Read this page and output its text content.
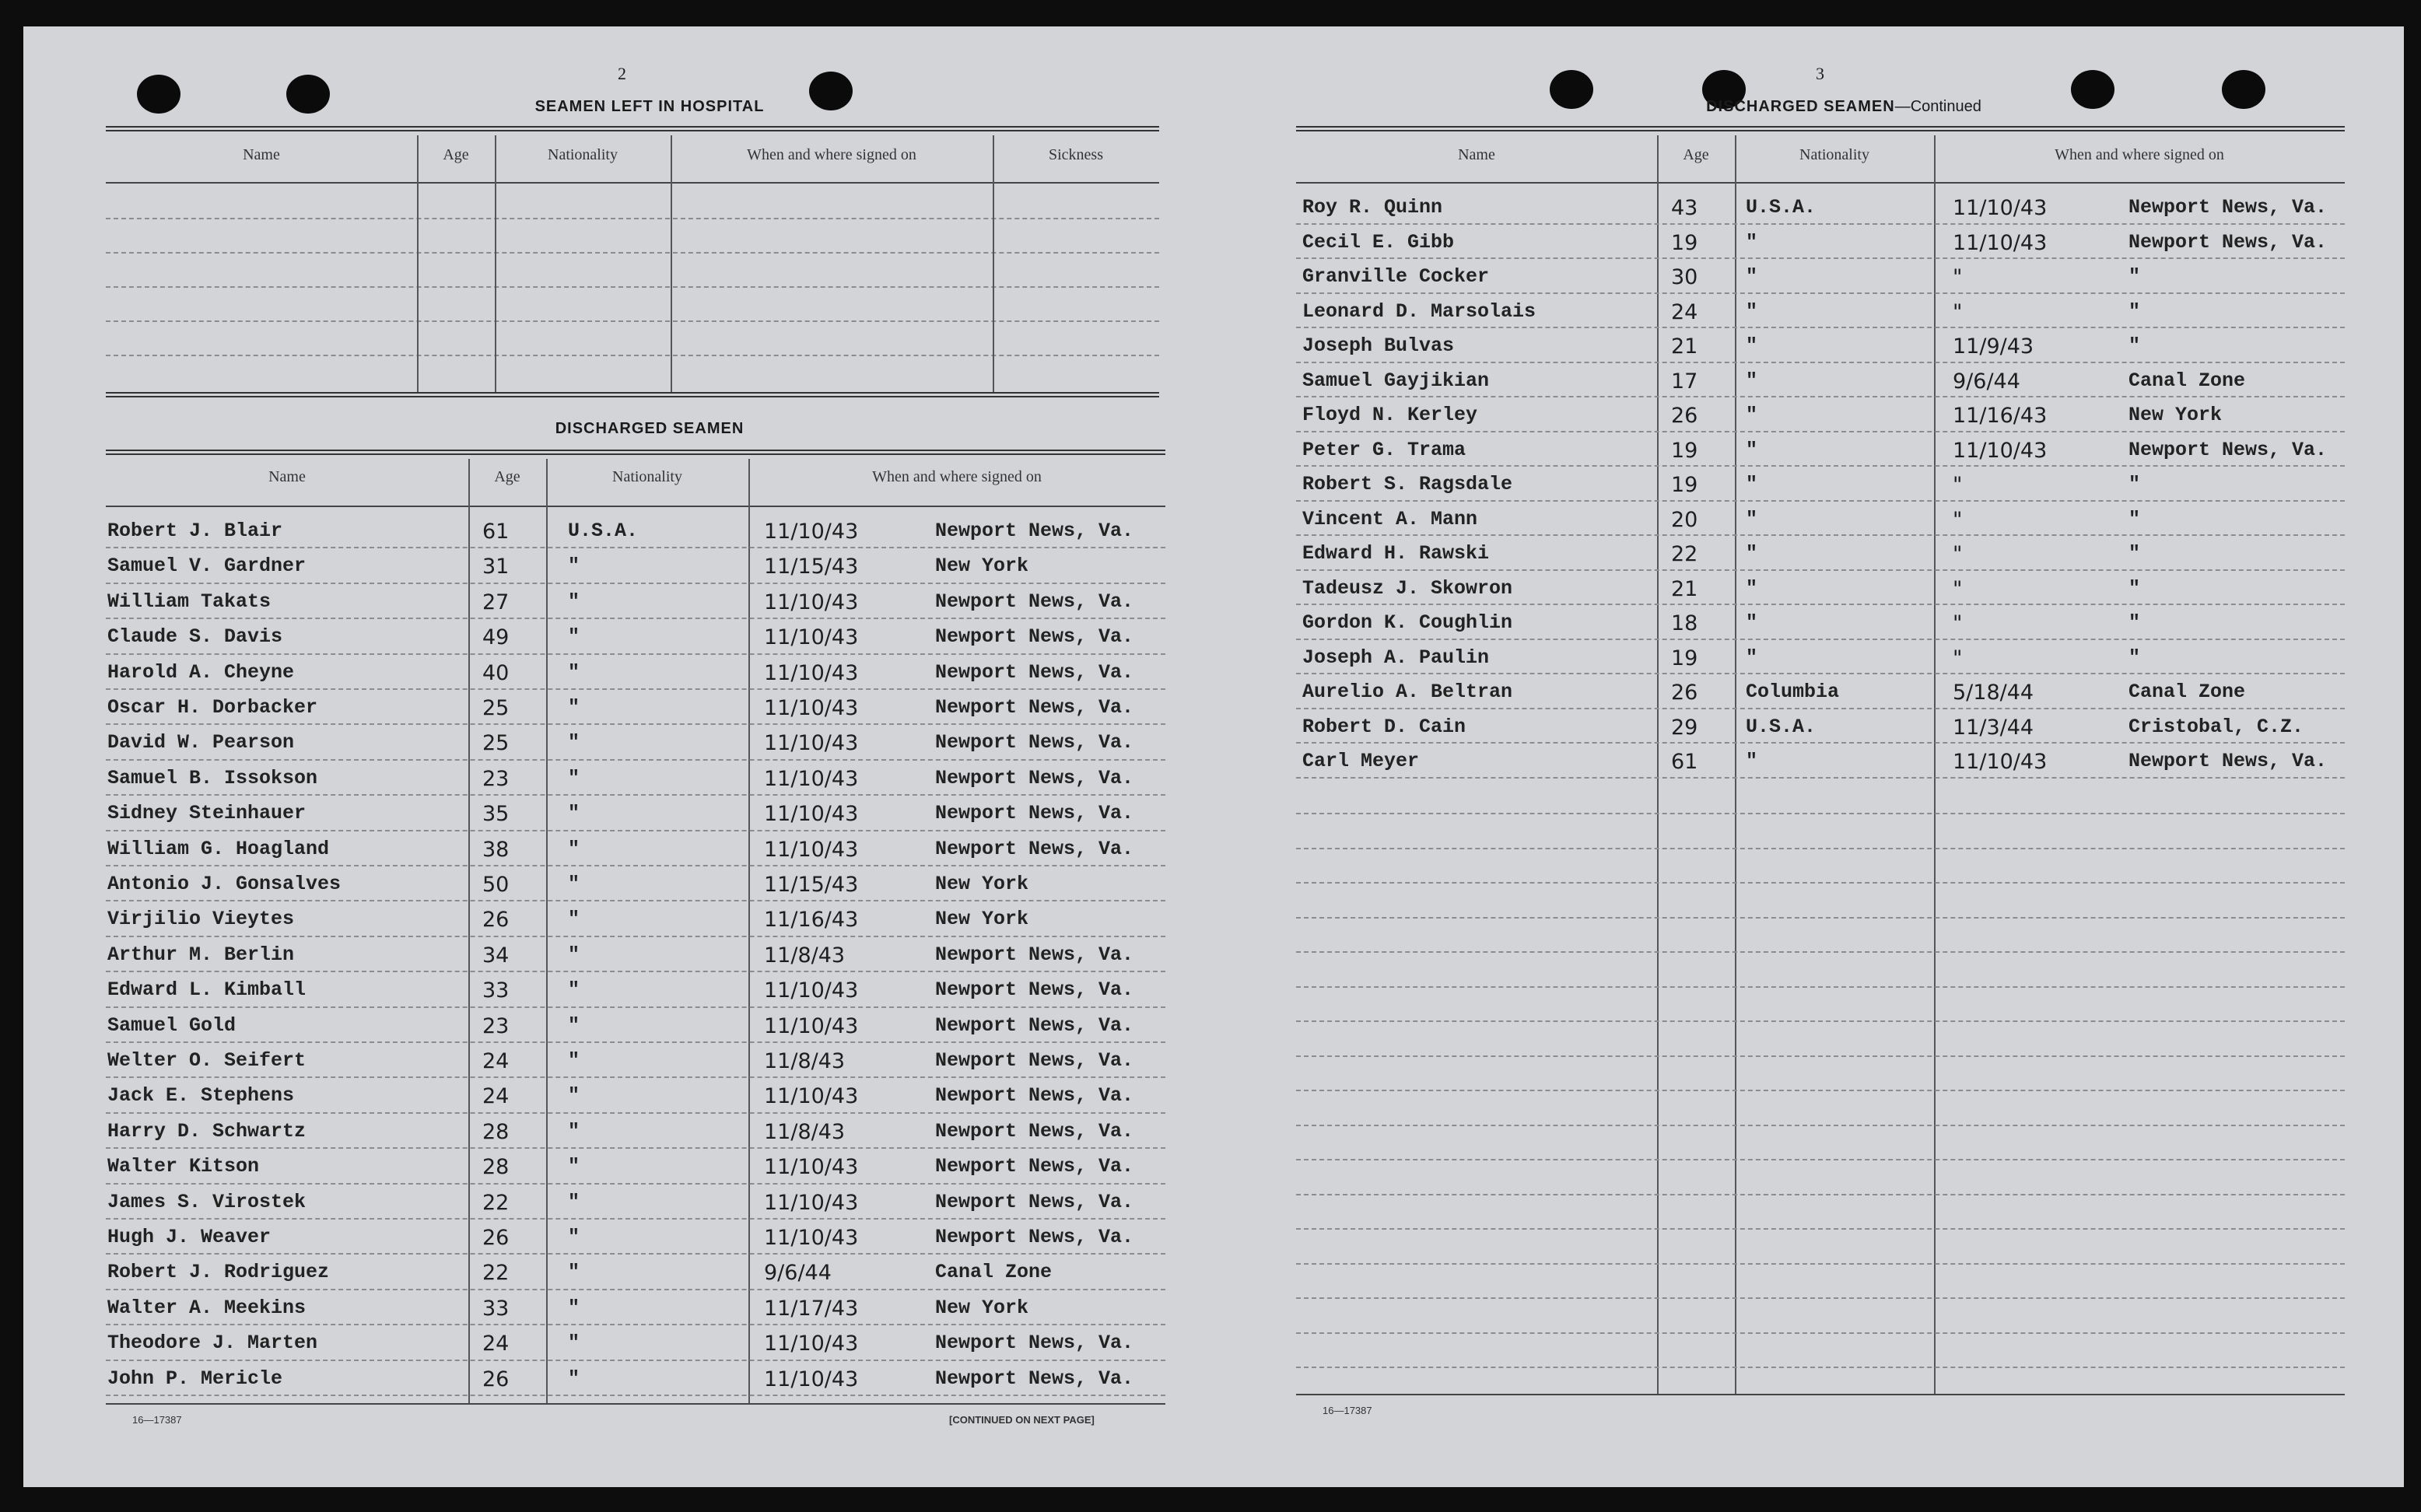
2
SEAMEN LEFT IN HOSPITAL
Name	Age	Nationality	When and where signed on	Sickness
DISCHARGED SEAMEN
Name	Age	Nationality	When and where signed on
Robert J. Blair	61	U.S.A.	11/10/43	Newport News, Va.
Samuel V. Gardner	31	"	11/15/43	New York
William Takats	27	"	11/10/43	Newport News, Va.
Claude S. Davis	49	"	11/10/43	Newport News, Va.
Harold A. Cheyne	40	"	11/10/43	Newport News, Va.
Oscar H. Dorbacker	25	"	11/10/43	Newport News, Va.
David W. Pearson	25	"	11/10/43	Newport News, Va.
Samuel B. Issokson	23	"	11/10/43	Newport News, Va.
Sidney Steinhauer	35	"	11/10/43	Newport News, Va.
William G. Hoagland	38	"	11/10/43	Newport News, Va.
Antonio J. Gonsalves	50	"	11/15/43	New York
Virjilio Vieytes	26	"	11/16/43	New York
Arthur M. Berlin	34	"	11/8/43	Newport News, Va.
Edward L. Kimball	33	"	11/10/43	Newport News, Va.
Samuel Gold	23	"	11/10/43	Newport News, Va.
Welter O. Seifert	24	"	11/8/43	Newport News, Va.
Jack E. Stephens	24	"	11/10/43	Newport News, Va.
Harry D. Schwartz	28	"	11/8/43	Newport News, Va.
Walter Kitson	28	"	11/10/43	Newport News, Va.
James S. Virostek	22	"	11/10/43	Newport News, Va.
Hugh J. Weaver	26	"	11/10/43	Newport News, Va.
Robert J. Rodriguez	22	"	9/6/44	Canal Zone
Walter A. Meekins	33	"	11/17/43	New York
Theodore J. Marten	24	"	11/10/43	Newport News, Va.
John P. Mericle	26	"	11/10/43	Newport News, Va.
16—17387	[CONTINUED ON NEXT PAGE]
3
DISCHARGED SEAMEN—Continued
Name	Age	Nationality	When and where signed on
Roy R. Quinn	43 U.S.A.	11/10/43	Newport News, Va.
Cecil E. Gibb	19 "	11/10/43	Newport News, Va.
Granville Cocker	30 "	"	"
Leonard D. Marsolais	24 "	"	"
Joseph Bulvas	21 "	11/9/43	"
Samuel Gayjikian	17 "	9/6/44	Canal Zone
Floyd N. Kerley	26 "	11/16/43	New York
Peter G. Trama	19 "	11/10/43	Newport News, Va.
Robert S. Ragsdale	19 "	"	"
Vincent A. Mann	20 "	"	"
Edward H. Rawski	22 "	"	"
Tadeusz J. Skowron	21 "	"	"
Gordon K. Coughlin	18 "	"	"
Joseph A. Paulin	19 "	"	"
Aurelio A. Beltran	26 Columbia	5/18/44	Canal Zone
Robert D. Cain	29 U.S.A.	11/3/44	Cristobal, C.Z.
Carl Meyer	61 "	11/10/43	Newport News, Va.
16—17387
